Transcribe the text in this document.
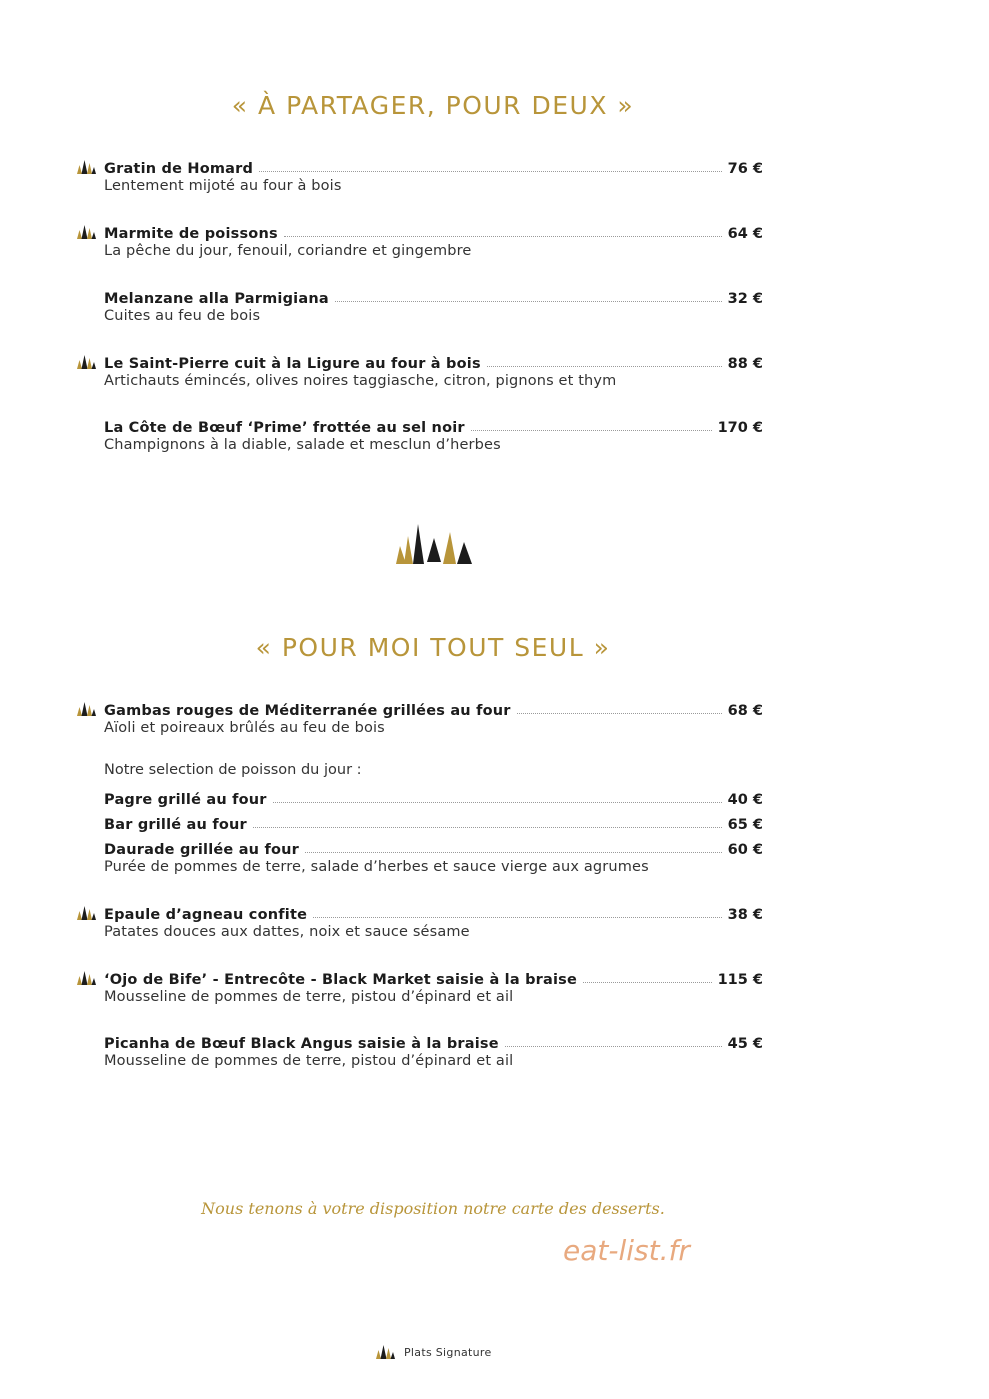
« À PARTAGER, POUR DEUX »
Gratin de Homard	76 €
Lentement mijoté au four à bois
Marmite de poissons	64 €
La pêche du jour, fenouil, coriandre et gingembre
Melanzane alla Parmigiana	32 €
Cuites au feu de bois
Le Saint-Pierre cuit à la Ligure au four à bois	88 €
Artichauts émincés, olives noires taggiasche, citron, pignons et thym
La Côte de Bœuf ‘Prime’ frottée au sel noir	170 €
Champignons à la diable, salade et mesclun d’herbes
« POUR MOI TOUT SEUL »
Gambas rouges de Méditerranée grillées au four	68 €
Aïoli et poireaux brûlés au feu de bois
Notre selection de poisson du jour :
Pagre grillé au four	40 €
Bar grillé au four	65 €
Daurade grillée au four	60 €
Purée de pommes de terre, salade d’herbes et sauce vierge aux agrumes
Epaule d’agneau confite	38 €
Patates douces aux dattes, noix et sauce sésame
‘Ojo de Bife’ - Entrecôte - Black Market saisie à la braise	115 €
Mousseline de pommes de terre, pistou d’épinard et ail
Picanha de Bœuf Black Angus saisie à la braise	45 €
Mousseline de pommes de terre, pistou d’épinard et ail
Nous tenons à votre disposition notre carte des desserts.
eat-list.fr
Plats Signature
